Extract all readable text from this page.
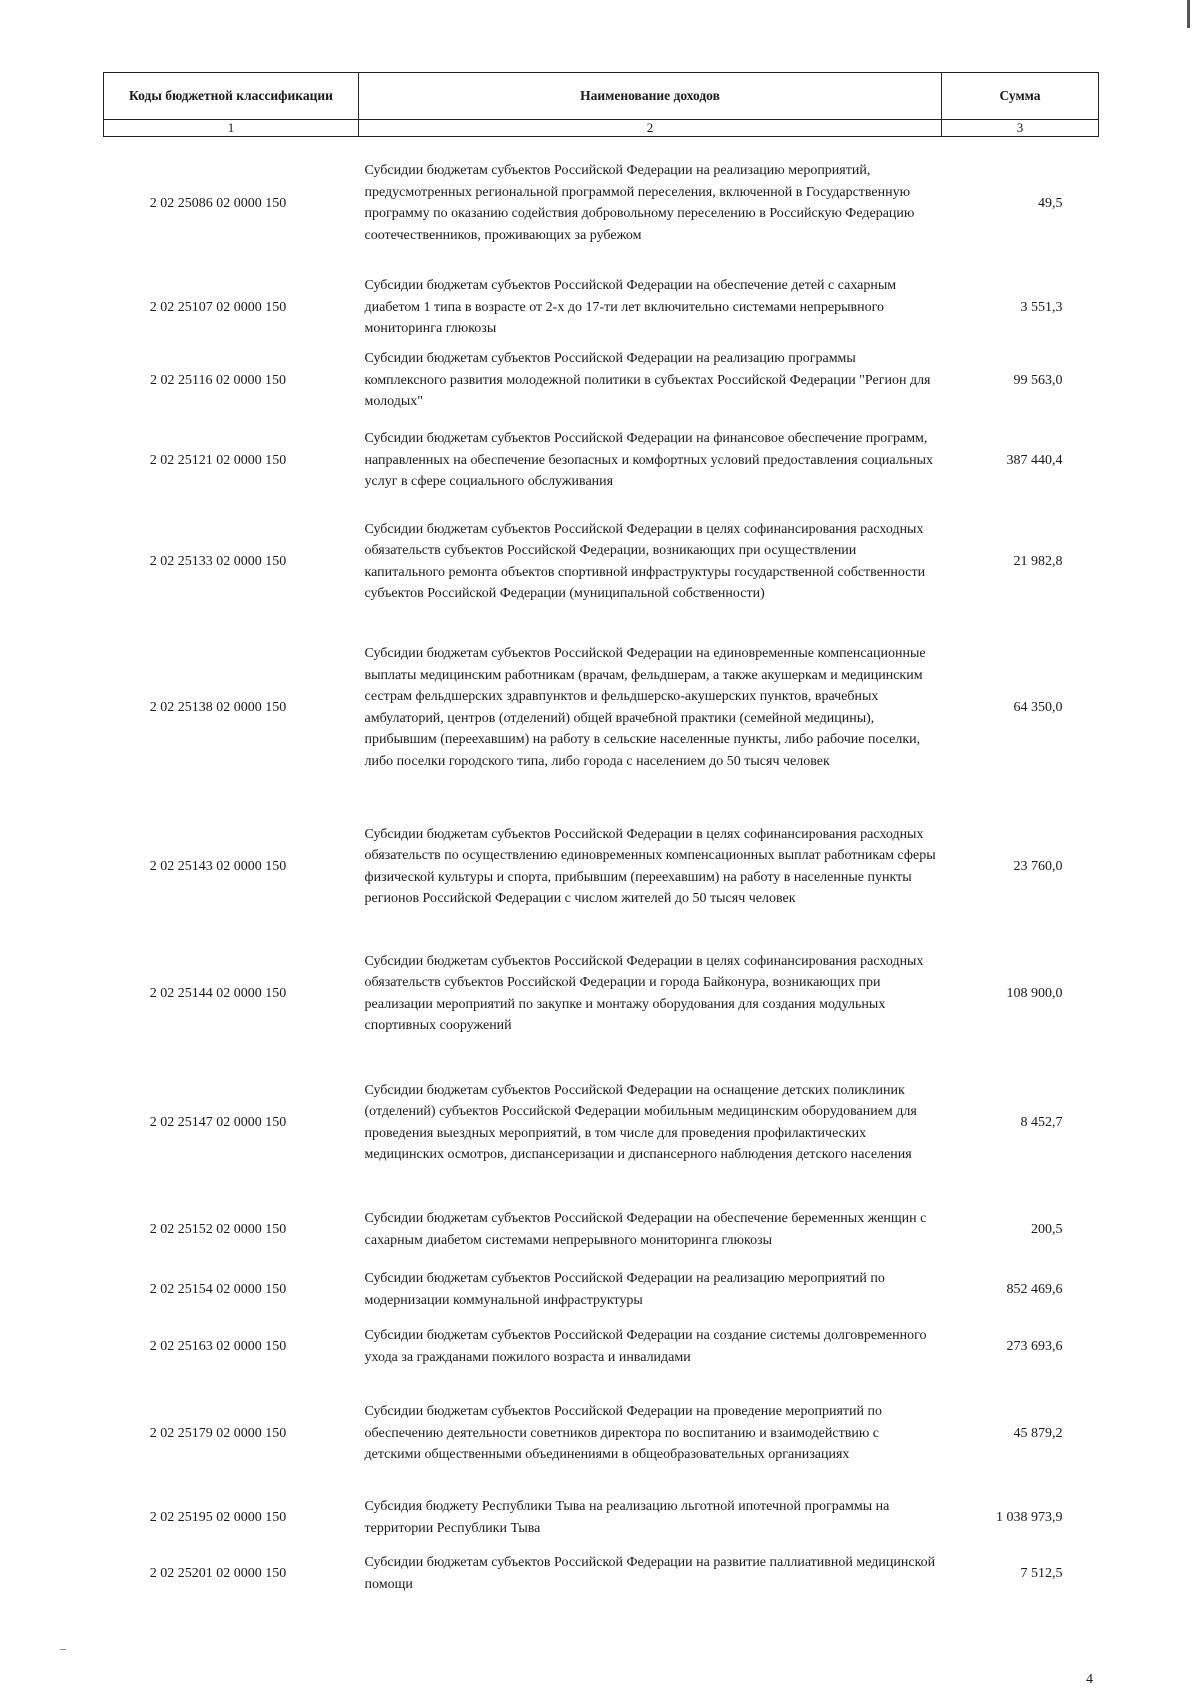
Коды бюджетной классификации	Наименование доходов	Сумма
1	2	3
2 02 25086 02 0000 150	Субсидии бюджетам субъектов Российской Федерации на реализацию мероприятий, предусмотренных региональной программой переселения, включенной в Государственную программу по оказанию содействия добровольному переселению в Российскую Федерацию соотечественников, проживающих за рубежом	49,5
2 02 25107 02 0000 150	Субсидии бюджетам субъектов Российской Федерации на обеспечение детей с сахарным диабетом 1 типа в возрасте от 2-х до 17-ти лет включительно системами непрерывного мониторинга глюкозы	3 551,3
2 02 25116 02 0000 150	Субсидии бюджетам субъектов Российской Федерации на реализацию программы комплексного развития молодежной политики в субъектах Российской Федерации "Регион для молодых"	99 563,0
2 02 25121 02 0000 150	Субсидии бюджетам субъектов Российской Федерации на финансовое обеспечение программ, направленных на обеспечение безопасных и комфортных условий предоставления социальных услуг в сфере социального обслуживания	387 440,4
2 02 25133 02 0000 150	Субсидии бюджетам субъектов Российской Федерации в целях софинансирования расходных обязательств субъектов Российской Федерации, возникающих при осуществлении капитального ремонта объектов спортивной инфраструктуры государственной собственности субъектов Российской Федерации (муниципальной собственности)	21 982,8
2 02 25138 02 0000 150	Субсидии бюджетам субъектов Российской Федерации на единовременные компенсационные выплаты медицинским работникам (врачам, фельдшерам, а также акушеркам и медицинским сестрам фельдшерских здравпунктов и фельдшерско-акушерских пунктов, врачебных амбулаторий, центров (отделений) общей врачебной практики (семейной медицины), прибывшим (переехавшим) на работу в сельские населенные пункты, либо рабочие поселки, либо поселки городского типа, либо города с населением до 50 тысяч человек	64 350,0
2 02 25143 02 0000 150	Субсидии бюджетам субъектов Российской Федерации в целях софинансирования расходных обязательств по осуществлению единовременных компенсационных выплат работникам сферы физической культуры и спорта, прибывшим (переехавшим) на работу в населенные пункты регионов Российской Федерации с числом жителей до 50 тысяч человек	23 760,0
2 02 25144 02 0000 150	Субсидии бюджетам субъектов Российской Федерации в целях софинансирования расходных обязательств субъектов Российской Федерации и города Байконура, возникающих при реализации мероприятий по закупке и монтажу оборудования для создания модульных спортивных сооружений	108 900,0
2 02 25147 02 0000 150	Субсидии бюджетам субъектов Российской Федерации на оснащение детских поликлиник (отделений) субъектов Российской Федерации мобильным медицинским оборудованием для проведения выездных мероприятий, в том числе для проведения профилактических медицинских осмотров, диспансеризации и диспансерного наблюдения детского населения	8 452,7
2 02 25152 02 0000 150	Субсидии бюджетам субъектов Российской Федерации на обеспечение беременных женщин с сахарным диабетом системами непрерывного мониторинга глюкозы	200,5
2 02 25154 02 0000 150	Субсидии бюджетам субъектов Российской Федерации на реализацию мероприятий по модернизации коммунальной инфраструктуры	852 469,6
2 02 25163 02 0000 150	Субсидии бюджетам субъектов Российской Федерации на создание системы долговременного ухода за гражданами пожилого возраста и инвалидами	273 693,6
2 02 25179 02 0000 150	Субсидии бюджетам субъектов Российской Федерации на проведение мероприятий по обеспечению деятельности советников директора по воспитанию и взаимодействию с детскими общественными объединениями в общеобразовательных организациях	45 879,2
2 02 25195 02 0000 150	Субсидия бюджету Республики Тыва на реализацию льготной ипотечной программы на территории Республики Тыва	1 038 973,9
2 02 25201 02 0000 150	Субсидии бюджетам субъектов Российской Федерации на развитие паллиативной медицинской помощи	7 512,5
4
